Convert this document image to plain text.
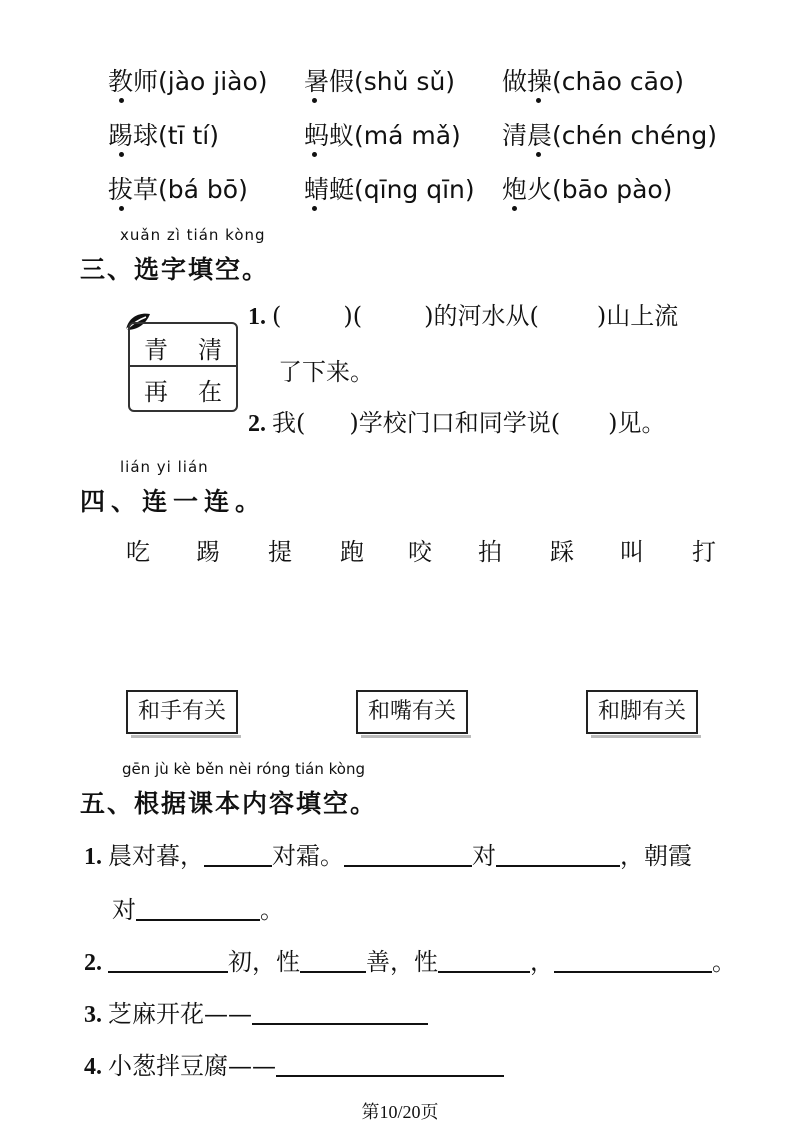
教师(jào jiào) 暑假(shǔ sǔ) 做操(chāo cāo)
踢球(tī tí)	蚂蚁(má mǎ) 清晨(chén chéng)
拔草(bá bō) 蜻蜓(qīng qīn) 炮火(bāo pào)
xuǎn zì tián kòng
三、选字填空。
青 清
再 在
1. (	)(	)的河水从( )山上流
了下来。
2. 我( )学校门口和同学说( )见。
lián yi lián
四、连一连。
吃 踢 提 跑 咬 拍 踩 叫 打
和手有关	和嘴有关	和脚有关
gēn jù kè běn nèi róng tián kòng
五、根据课本内容填空。
1. 晨对暮，	对霜。	对	，朝霞
对	。
2.	初，性	善，性	，	。
3. 芝麻开花——
4. 小葱拌豆腐——
第10/20页
